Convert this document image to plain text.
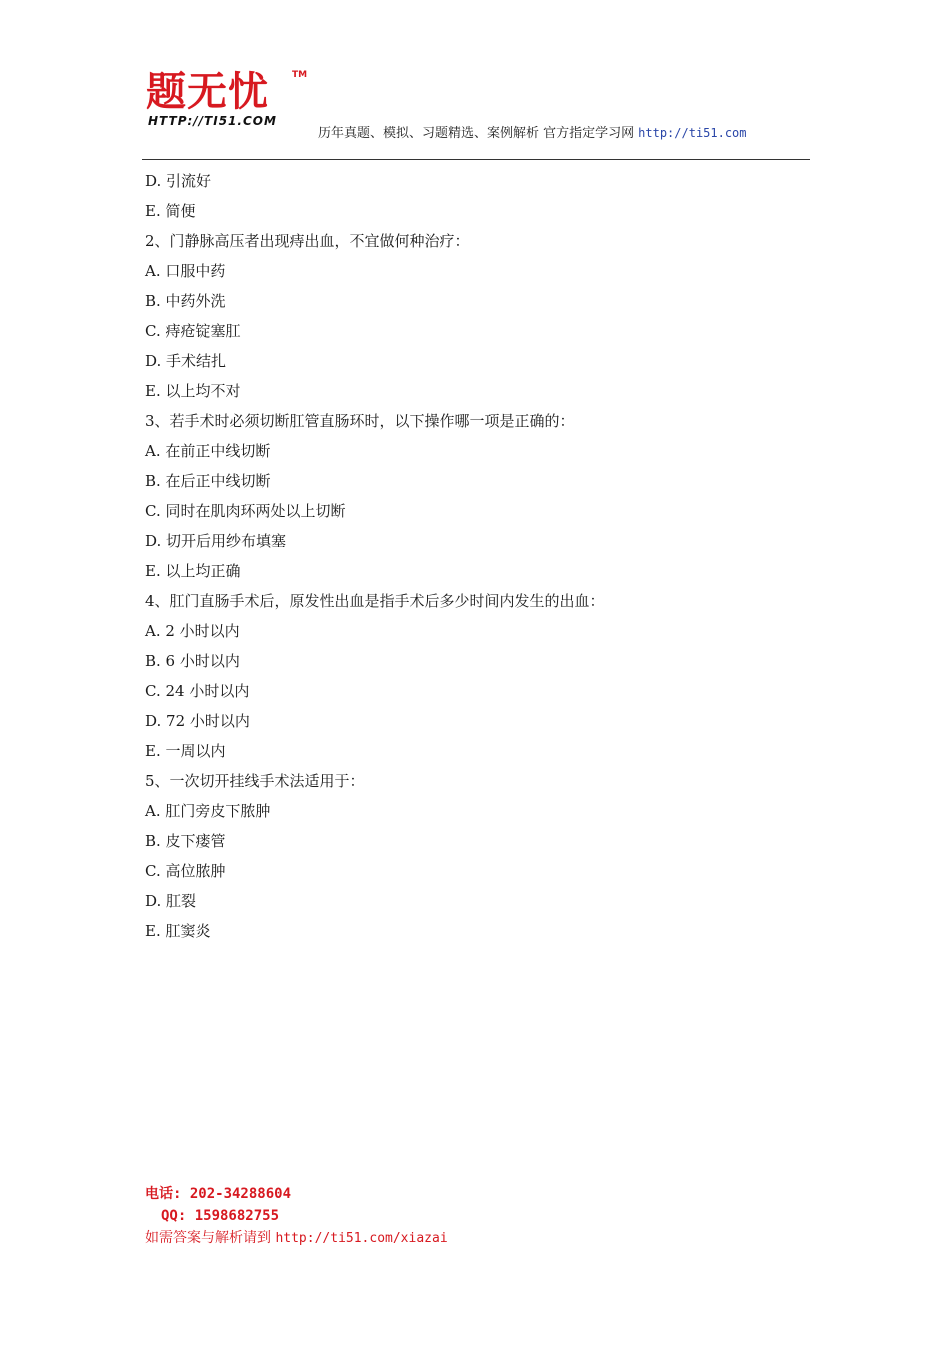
题无忧	TM
HTTP://TI51.COM
历年真题、模拟、习题精选、案例解析 官方指定学习网 http://ti51.com
D. 引流好
E. 简便
2、门静脉高压者出现痔出血，不宜做何种治疗：
A. 口服中药
B. 中药外洗
C. 痔疮锭塞肛
D. 手术结扎
E. 以上均不对
3、若手术时必须切断肛管直肠环时，以下操作哪一项是正确的：
A. 在前正中线切断
B. 在后正中线切断
C. 同时在肌肉环两处以上切断
D. 切开后用纱布填塞
E. 以上均正确
4、肛门直肠手术后，原发性出血是指手术后多少时间内发生的出血：
A. 2 小时以内
B. 6 小时以内
C. 24 小时以内
D. 72 小时以内
E. 一周以内
5、一次切开挂线手术法适用于：
A. 肛门旁皮下脓肿
B. 皮下瘘管
C. 高位脓肿
D. 肛裂
E. 肛窦炎
电话: 202-34288604
QQ: 1598682755
如需答案与解析请到 http://ti51.com/xiazai
